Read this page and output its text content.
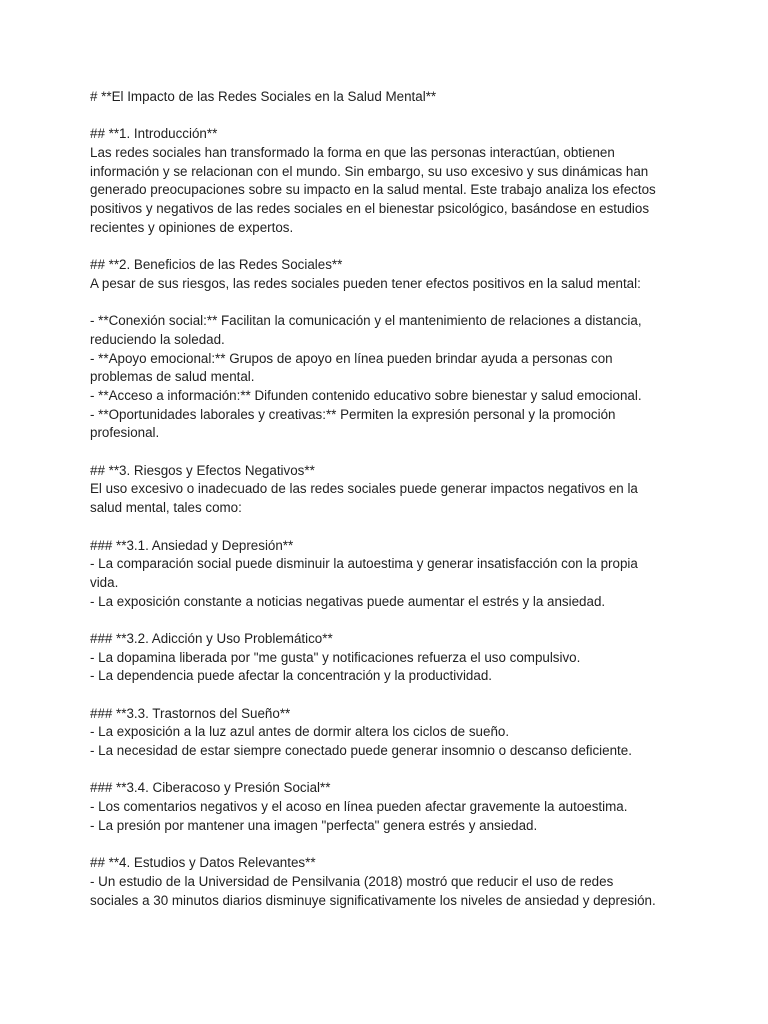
# **El Impacto de las Redes Sociales en la Salud Mental**

## **1. Introducción**

Las redes sociales han transformado la forma en que las personas interactúan, obtienen

información y se relacionan con el mundo. Sin embargo, su uso excesivo y sus dinámicas han

generado preocupaciones sobre su impacto en la salud mental. Este trabajo analiza los efectos

positivos y negativos de las redes sociales en el bienestar psicológico, basándose en estudios

recientes y opiniones de expertos.

## **2. Beneficios de las Redes Sociales**

A pesar de sus riesgos, las redes sociales pueden tener efectos positivos en la salud mental:

- **Conexión social:** Facilitan la comunicación y el mantenimiento de relaciones a distancia,

reduciendo la soledad.

- **Apoyo emocional:** Grupos de apoyo en línea pueden brindar ayuda a personas con

problemas de salud mental.

- **Acceso a información:** Difunden contenido educativo sobre bienestar y salud emocional.

- **Oportunidades laborales y creativas:** Permiten la expresión personal y la promoción

profesional.

## **3. Riesgos y Efectos Negativos**

El uso excesivo o inadecuado de las redes sociales puede generar impactos negativos en la

salud mental, tales como:

### **3.1. Ansiedad y Depresión**

- La comparación social puede disminuir la autoestima y generar insatisfacción con la propia

vida.

- La exposición constante a noticias negativas puede aumentar el estrés y la ansiedad.

### **3.2. Adicción y Uso Problemático**

- La dopamina liberada por "me gusta" y notificaciones refuerza el uso compulsivo.

- La dependencia puede afectar la concentración y la productividad.

### **3.3. Trastornos del Sueño**

- La exposición a la luz azul antes de dormir altera los ciclos de sueño.

- La necesidad de estar siempre conectado puede generar insomnio o descanso deficiente.

### **3.4. Ciberacoso y Presión Social**

- Los comentarios negativos y el acoso en línea pueden afectar gravemente la autoestima.

- La presión por mantener una imagen "perfecta" genera estrés y ansiedad.

## **4. Estudios y Datos Relevantes**

- Un estudio de la Universidad de Pensilvania (2018) mostró que reducir el uso de redes

sociales a 30 minutos diarios disminuye significativamente los niveles de ansiedad y depresión.
